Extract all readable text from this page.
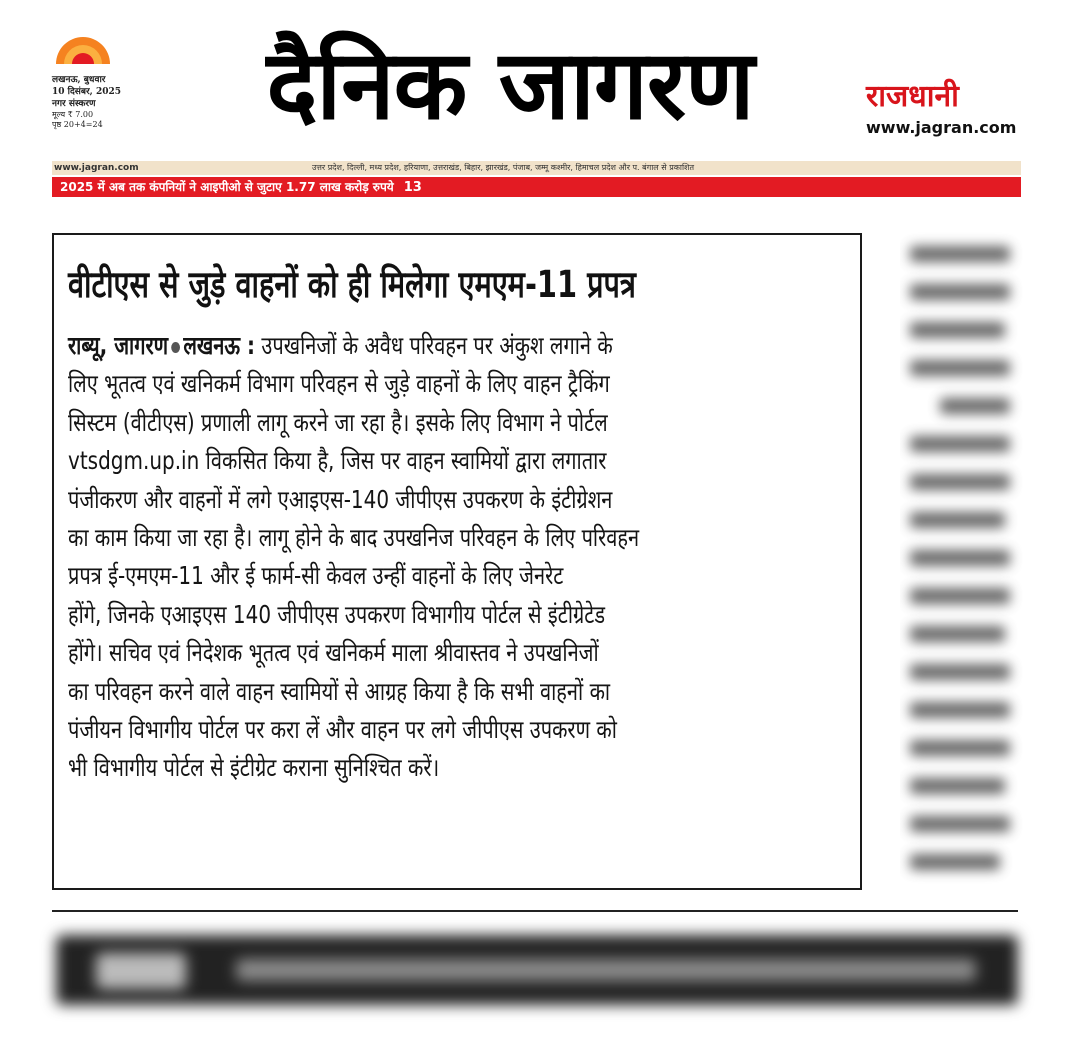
लखनऊ, बुधवार
10 दिसंबर, 2025
नगर संस्करण
मूल्य ₹ 7.00
पृष्ठ 20+4=24	दैनिक जागरण	राजधानी
www.jagran.com
www.jagran.com	उत्तर प्रदेश, दिल्ली, मध्य प्रदेश, हरियाणा, उत्तराखंड, बिहार, झारखंड, पंजाब, जम्मू कश्मीर, हिमाचल प्रदेश और प. बंगाल से प्रकाशित
2025 में अब तक कंपनियों ने आइपीओ से जुटाए 1.77 लाख करोड़ रुपये 13
वीटीएस से जुड़े वाहनों को ही मिलेगा एमएम-11 प्रपत्र
राब्यू, जागरण लखनऊ : उपखनिजों के अवैध परिवहन पर अंकुश लगाने के
लिए भूतत्व एवं खनिकर्म विभाग परिवहन से जुड़े वाहनों के लिए वाहन ट्रैकिंग
सिस्टम (वीटीएस) प्रणाली लागू करने जा रहा है। इसके लिए विभाग ने पोर्टल
vtsdgm.up.in विकसित किया है, जिस पर वाहन स्वामियों द्वारा लगातार
पंजीकरण और वाहनों में लगे एआइएस-140 जीपीएस उपकरण के इंटीग्रेशन
का काम किया जा रहा है। लागू होने के बाद उपखनिज परिवहन के लिए परिवहन
प्रपत्र ई-एमएम-11 और ई फार्म-सी केवल उन्हीं वाहनों के लिए जेनरेट
होंगे, जिनके एआइएस 140 जीपीएस उपकरण विभागीय पोर्टल से इंटीग्रेटेड
होंगे। सचिव एवं निदेशक भूतत्व एवं खनिकर्म माला श्रीवास्तव ने उपखनिजों
का परिवहन करने वाले वाहन स्वामियों से आग्रह किया है कि सभी वाहनों का
पंजीयन विभागीय पोर्टल पर करा लें और वाहन पर लगे जीपीएस उपकरण को
भी विभागीय पोर्टल से इंटीग्रेट कराना सुनिश्चित करें।
